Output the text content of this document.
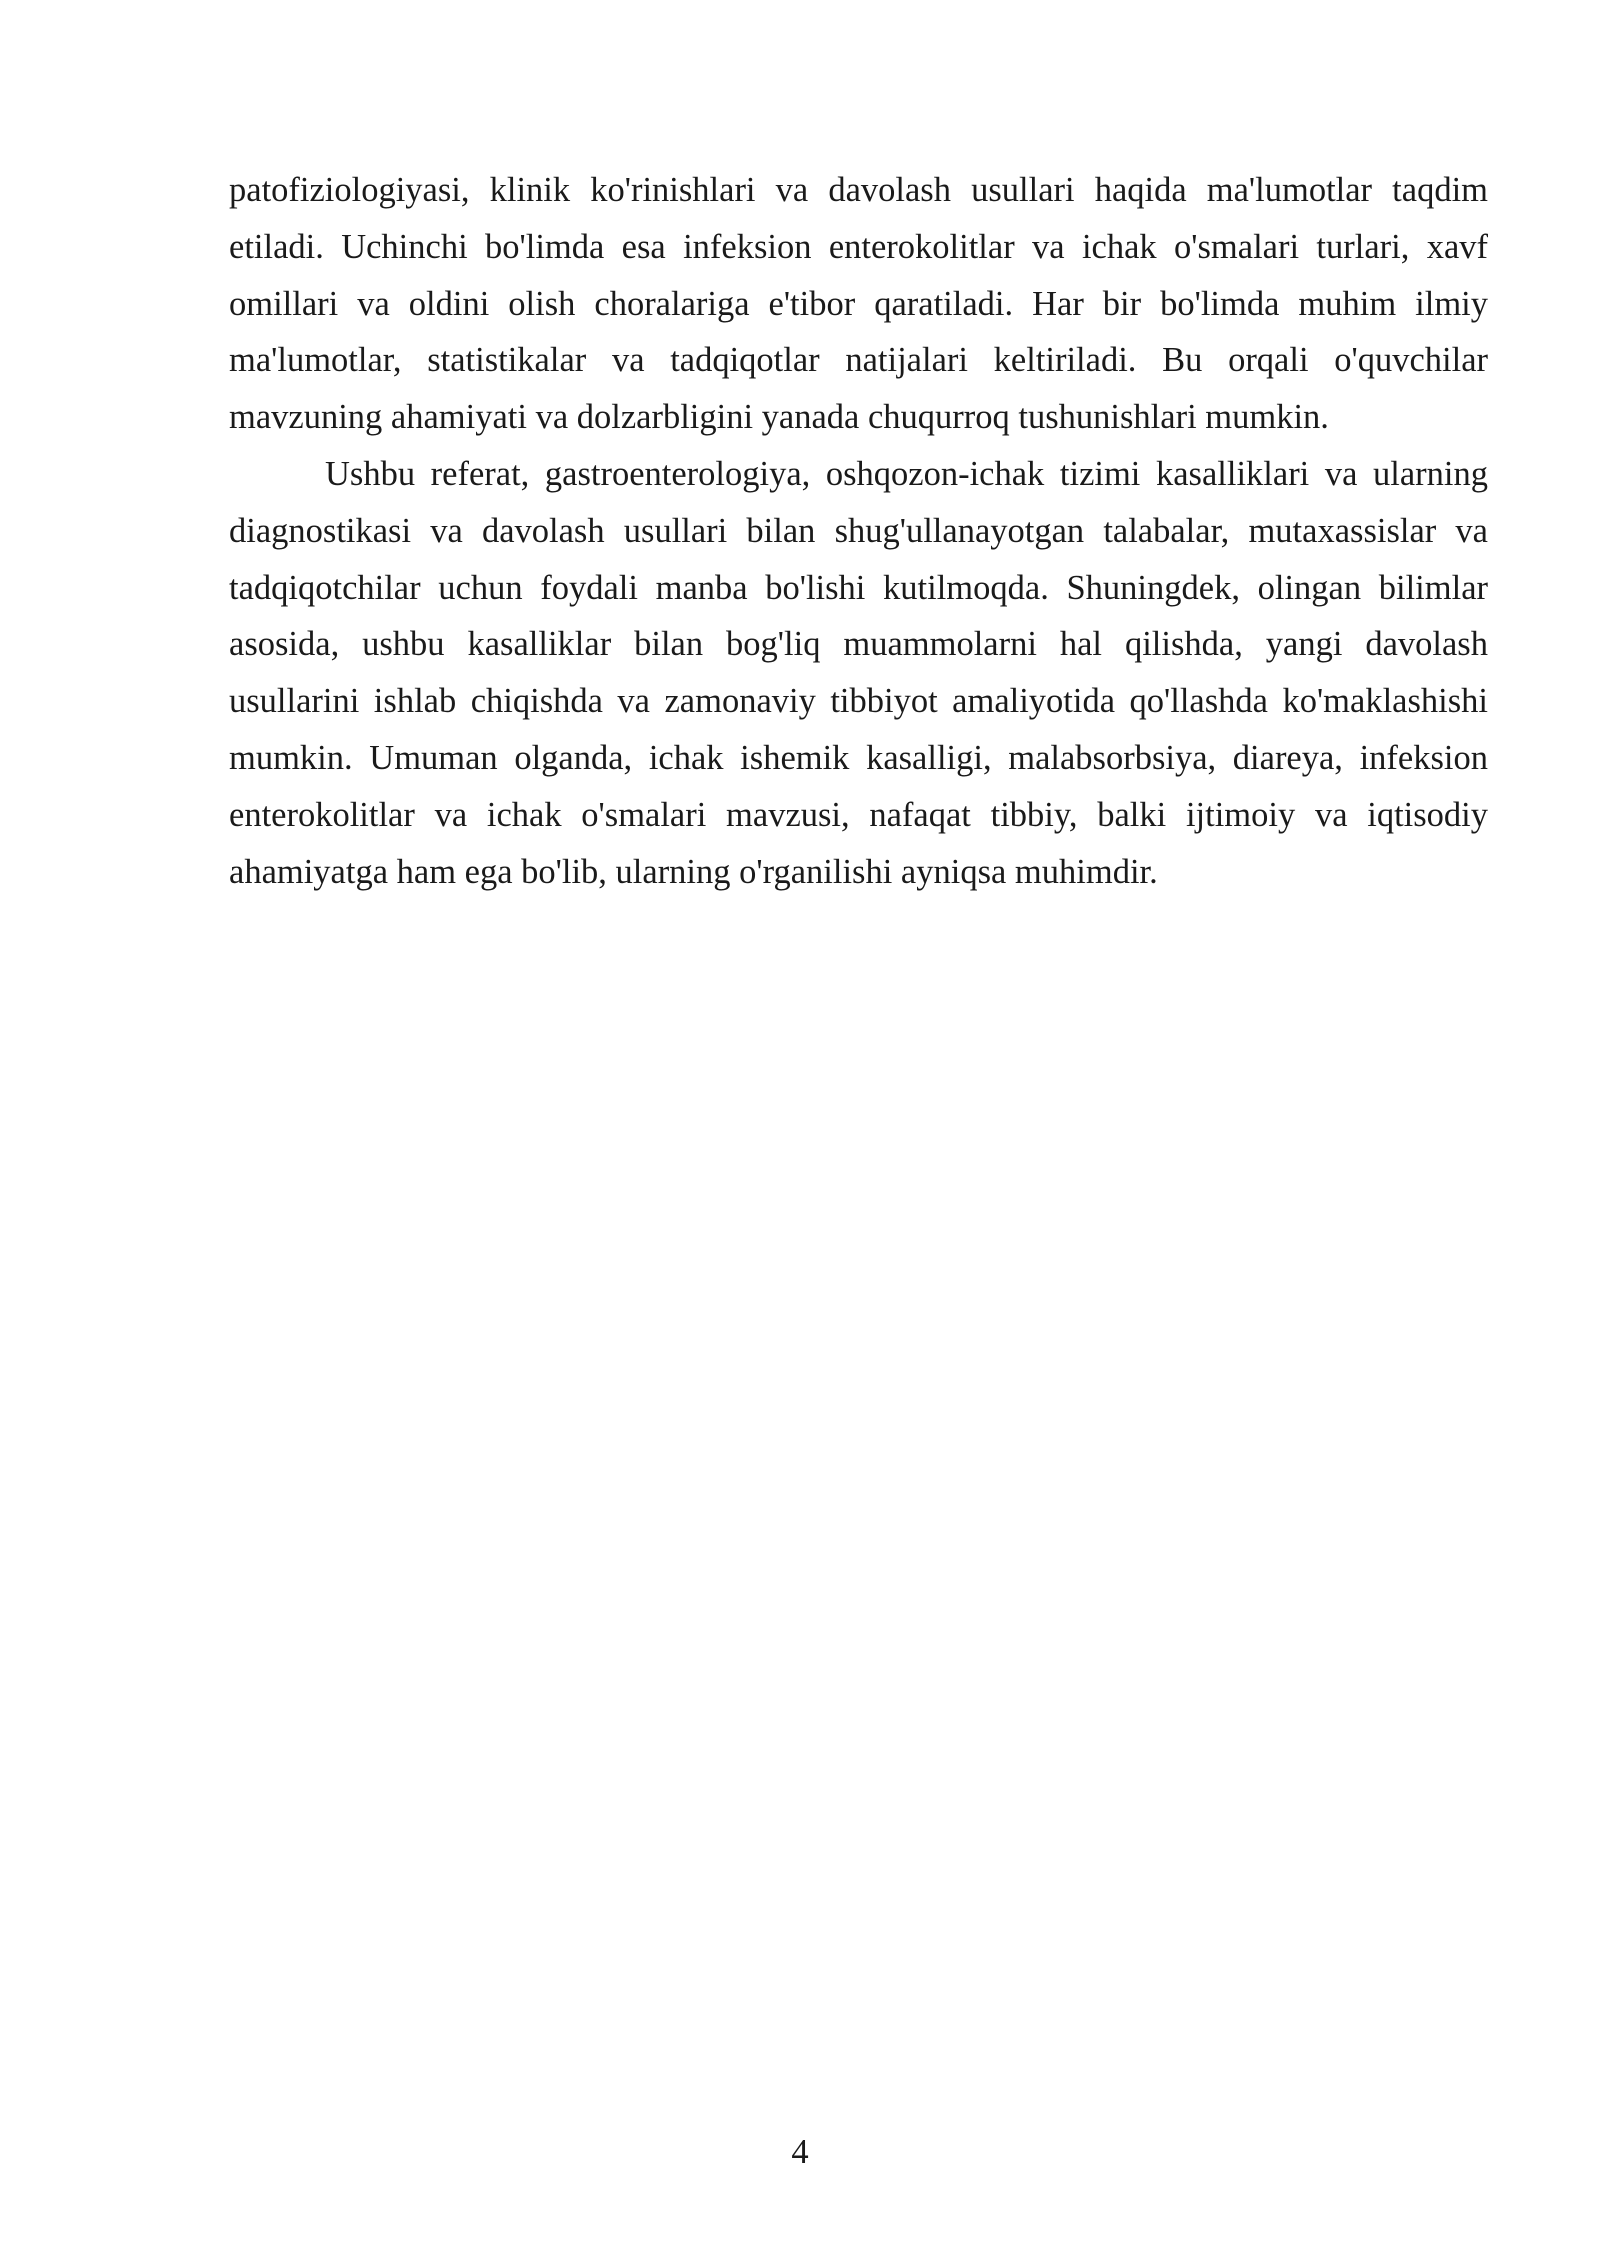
patofiziologiyasi, klinik ko'rinishlari va davolash usullari haqida ma'lumotlar taqdim etiladi. Uchinchi bo'limda esa infeksion enterokolitlar va ichak o'smalari turlari, xavf omillari va oldini olish choralariga e'tibor qaratiladi. Har bir bo'limda muhim ilmiy ma'lumotlar, statistikalar va tadqiqotlar natijalari keltiriladi. Bu orqali o'quvchilar mavzuning ahamiyati va dolzarbligini yanada chuqurroq tushunishlari mumkin.

Ushbu referat, gastroenterologiya, oshqozon-ichak tizimi kasalliklari va ularning diagnostikasi va davolash usullari bilan shug'ullanayotgan talabalar, mutaxassislar va tadqiqotchilar uchun foydali manba bo'lishi kutilmoqda. Shuningdek, olingan bilimlar asosida, ushbu kasalliklar bilan bog'liq muammolarni hal qilishda, yangi davolash usullarini ishlab chiqishda va zamonaviy tibbiyot amaliyotida qo'llashda ko'maklashishi mumkin. Umuman olganda, ichak ishemik kasalligi, malabsorbsiya, diareya, infeksion enterokolitlar va ichak o'smalari mavzusi, nafaqat tibbiy, balki ijtimoiy va iqtisodiy ahamiyatga ham ega bo'lib, ularning o'rganilishi ayniqsa muhimdir.

4
